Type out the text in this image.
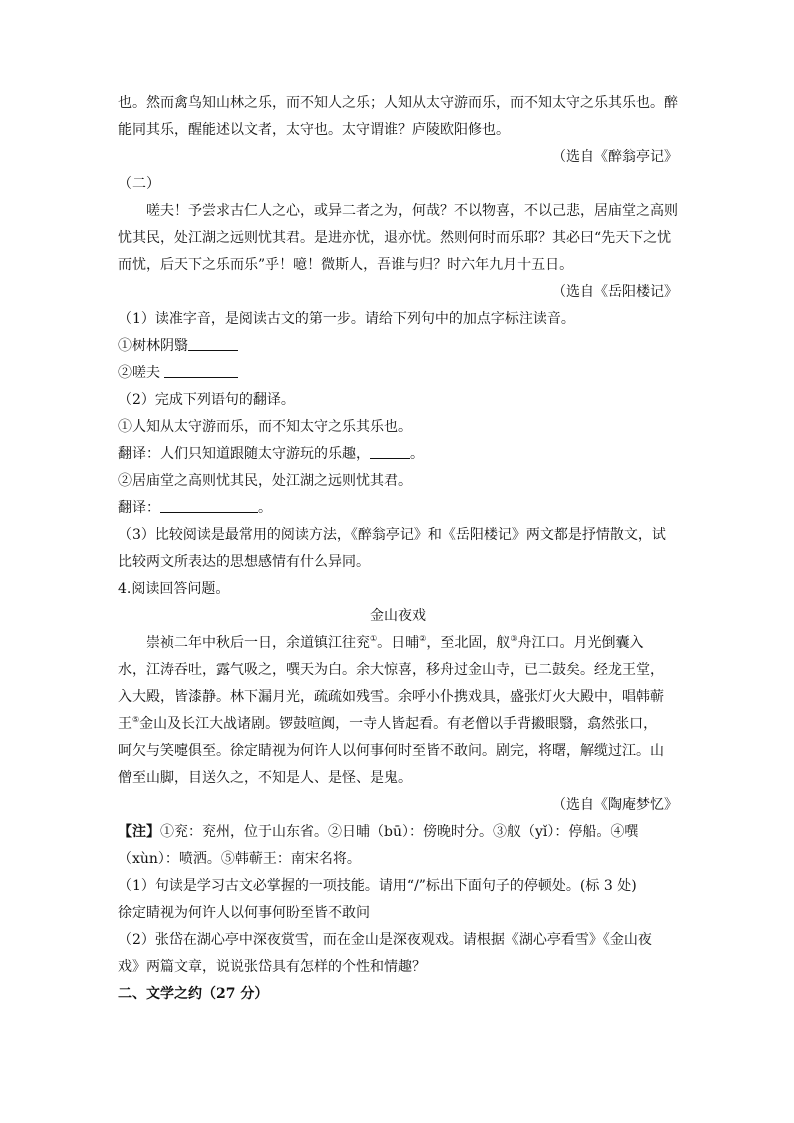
也。然而禽鸟知山林之乐，而不知人之乐；人知从太守游而乐，而不知太守之乐其乐也。醉
能同其乐，醒能述以文者，太守也。太守谓谁？庐陵欧阳修也。
（选自《醉翁亭记》
（二）
嗟夫！予尝求古仁人之心，或异二者之为，何哉？不以物喜，不以己悲，居庙堂之高则
忧其民，处江湖之远则忧其君。是进亦忧，退亦忧。然则何时而乐耶？其必曰“先天下之忧
而忧，后天下之乐而乐”乎！噫！微斯人，吾谁与归？时六年九月十五日。
（选自《岳阳楼记》
（1）读准字音，是阅读古文的第一步。请给下列句中的加点字标注读音。
①树林阴翳
②嗟夫
（2）完成下列语句的翻译。
①人知从太守游而乐，而不知太守之乐其乐也。
翻译：人们只知道跟随太守游玩的乐趣，	。
②居庙堂之高则忧其民，处江湖之远则忧其君。
翻译：	。
（3）比较阅读是最常用的阅读方法，《醉翁亭记》和《岳阳楼记》两文都是抒情散文，试
比较两文所表达的思想感情有什么异同。
4.阅读回答问题。
金山夜戏
崇祯二年中秋后一日，余道镇江往兖①。日晡②，至北固，舣③舟江口。月光倒囊入
水，江涛吞吐，露气吸之，噀天为白。余大惊喜，移舟过金山寺，已二鼓矣。经龙王堂，
入大殿，皆漆静。林下漏月光，疏疏如残雪。余呼小仆携戏具，盛张灯火大殿中，唱韩蕲
王⑤金山及长江大战诸剧。锣鼓喧阗，一寺人皆起看。有老僧以手背摋眼翳，翕然张口，
呵欠与笑嚏俱至。徐定睛视为何许人以何事何时至皆不敢问。剧完，将曙，解缆过江。山
僧至山脚，目送久之，不知是人、是怪、是鬼。
（选自《陶庵梦忆》
【注】①兖：兖州，位于山东省。②日晡（bū）：傍晚时分。③舣（yǐ）：停船。④噀
（xùn）：喷洒。⑤韩蕲王：南宋名将。
（1）句读是学习古文必掌握的一项技能。请用“/”标出下面句子的停顿处。(标 3 处)
徐定睛视为何许人以何事何盼至皆不敢问
（2）张岱在湖心亭中深夜赏雪，而在金山是深夜观戏。请根据《湖心亭看雪》《金山夜
戏》两篇文章，说说张岱具有怎样的个性和情趣？
二、文学之约（27 分）
